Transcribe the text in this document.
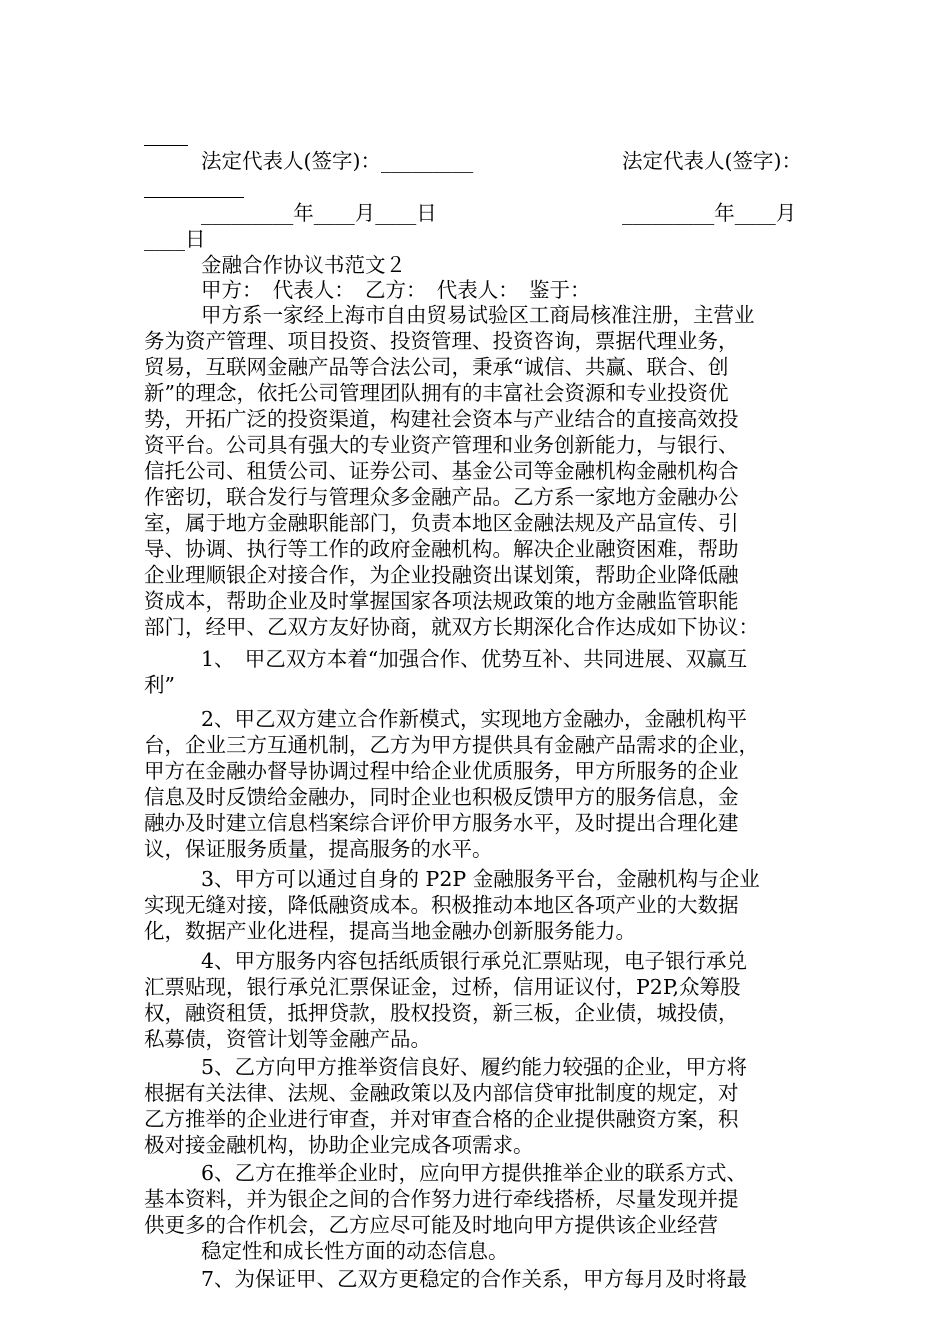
法定代表人(签字)：_________	法定代表人(签字)：
_________年____月____日	_________年____月
____日
金融合作协议书范文２
甲方：　代表人：　乙方：　代表人：　鉴于：
甲方系一家经上海市自由贸易试验区工商局核准注册，主营业
务为资产管理、项目投资、投资管理、投资咨询，票据代理业务，
贸易，互联网金融产品等合法公司，秉承“诚信、共赢、联合、创
新”的理念，依托公司管理团队拥有的丰富社会资源和专业投资优
势，开拓广泛的投资渠道，构建社会资本与产业结合的直接高效投
资平台。公司具有强大的专业资产管理和业务创新能力，与银行、
信托公司、租赁公司、证券公司、基金公司等金融机构金融机构合
作密切，联合发行与管理众多金融产品。乙方系一家地方金融办公
室，属于地方金融职能部门，负责本地区金融法规及产品宣传、引
导、协调、执行等工作的政府金融机构。解决企业融资困难，帮助
企业理顺银企对接合作，为企业投融资出谋划策，帮助企业降低融
资成本，帮助企业及时掌握国家各项法规政策的地方金融监管职能
部门，经甲、乙双方友好协商，就双方长期深化合作达成如下协议：
1、　甲乙双方本着“加强合作、优势互补、共同进展、双赢互
利”
2、甲乙双方建立合作新模式，实现地方金融办，金融机构平
台，企业三方互通机制，乙方为甲方提供具有金融产品需求的企业，
甲方在金融办督导协调过程中给企业优质服务，甲方所服务的企业
信息及时反馈给金融办，同时企业也积极反馈甲方的服务信息，金
融办及时建立信息档案综合评价甲方服务水平，及时提出合理化建
议，保证服务质量，提高服务的水平。
3、甲方可以通过自身的 P2P 金融服务平台，金融机构与企业
实现无缝对接，降低融资成本。积极推动本地区各项产业的大数据
化，数据产业化进程，提高当地金融办创新服务能力。
4、甲方服务内容包括纸质银行承兑汇票贴现，电子银行承兑
汇票贴现，银行承兑汇票保证金，过桥，信用证议付，P2P,众筹股
权，融资租赁，抵押贷款，股权投资，新三板，企业债，城投债，
私募债，资管计划等金融产品。
5、乙方向甲方推举资信良好、履约能力较强的企业，甲方将
根据有关法律、法规、金融政策以及内部信贷审批制度的规定，对
乙方推举的企业进行审查，并对审查合格的企业提供融资方案，积
极对接金融机构，协助企业完成各项需求。
6、乙方在推举企业时，应向甲方提供推举企业的联系方式、
基本资料，并为银企之间的合作努力进行牵线搭桥，尽量发现并提
供更多的合作机会，乙方应尽可能及时地向甲方提供该企业经营
稳定性和成长性方面的动态信息。
7、为保证甲、乙双方更稳定的合作关系，甲方每月及时将最
